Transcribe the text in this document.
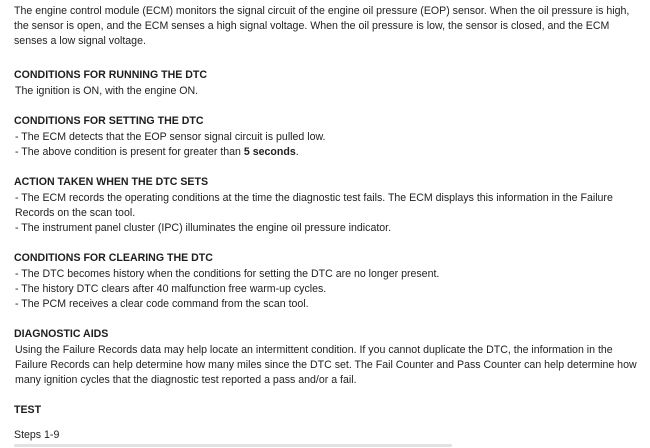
The engine control module (ECM) monitors the signal circuit of the engine oil pressure (EOP) sensor. When the oil pressure is high, the sensor is open, and the ECM senses a high signal voltage. When the oil pressure is low, the sensor is closed, and the ECM senses a low signal voltage.

CONDITIONS FOR RUNNING THE DTC

The ignition is ON, with the engine ON.

CONDITIONS FOR SETTING THE DTC

- The ECM detects that the EOP sensor signal circuit is pulled low.

- The above condition is present for greater than 5 seconds.

ACTION TAKEN WHEN THE DTC SETS

- The ECM records the operating conditions at the time the diagnostic test fails. The ECM displays this information in the Failure Records on the scan tool.

- The instrument panel cluster (IPC) illuminates the engine oil pressure indicator.

CONDITIONS FOR CLEARING THE DTC

- The DTC becomes history when the conditions for setting the DTC are no longer present.

- The history DTC clears after 40 malfunction free warm-up cycles.

- The PCM receives a clear code command from the scan tool.

DIAGNOSTIC AIDS

Using the Failure Records data may help locate an intermittent condition. If you cannot duplicate the DTC, the information in the Failure Records can help determine how many miles since the DTC set. The Fail Counter and Pass Counter can help determine how many ignition cycles that the diagnostic test reported a pass and/or a fail.

TEST

Steps 1-9
